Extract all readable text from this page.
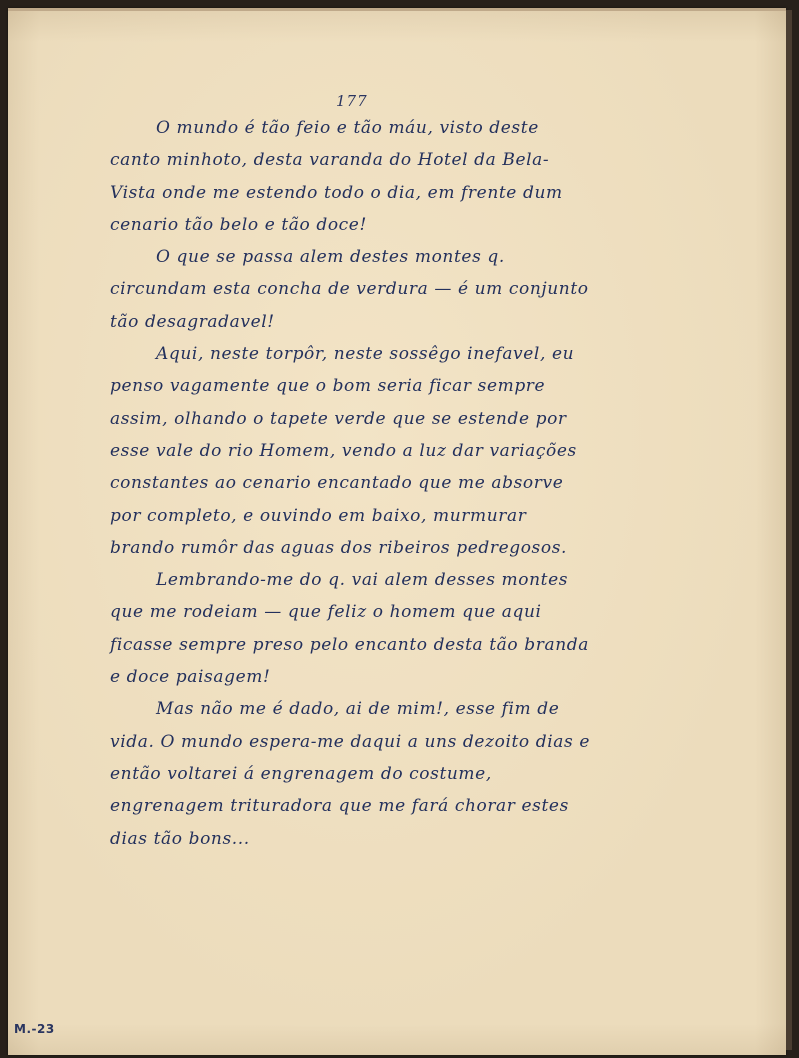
177

O mundo é tão feio e tão máu, visto deste canto minhoto, desta varanda do Hotel da Bela-Vista onde me estendo todo o dia, em frente dum cenario tão belo e tão doce!

O que se passa alem destes montes q. circundam esta concha de verdura — é um conjunto tão desagradavel!

Aqui, neste torpôr, neste sossêgo inefavel, eu penso vagamente que o bom seria ficar sempre assim, olhando o tapete verde que se estende por esse vale do rio Homem, vendo a luz dar variações constantes ao cenario encantado que me absorve por completo, e ouvindo em baixo, murmurar brando rumôr das aguas dos ribeiros pedregosos.

Lembrando-me do q. vai alem desses montes que me rodeiam — que feliz o homem que aqui ficasse sempre preso pelo encanto desta tão branda e doce paisagem!

Mas não me é dado, ai de mim!, esse fim de vida. O mundo espera-me daqui a uns dezoito dias e então voltarei á engrenagem do costume, engrenagem trituradora que me fará chorar estes dias tão bons...

M.-23
